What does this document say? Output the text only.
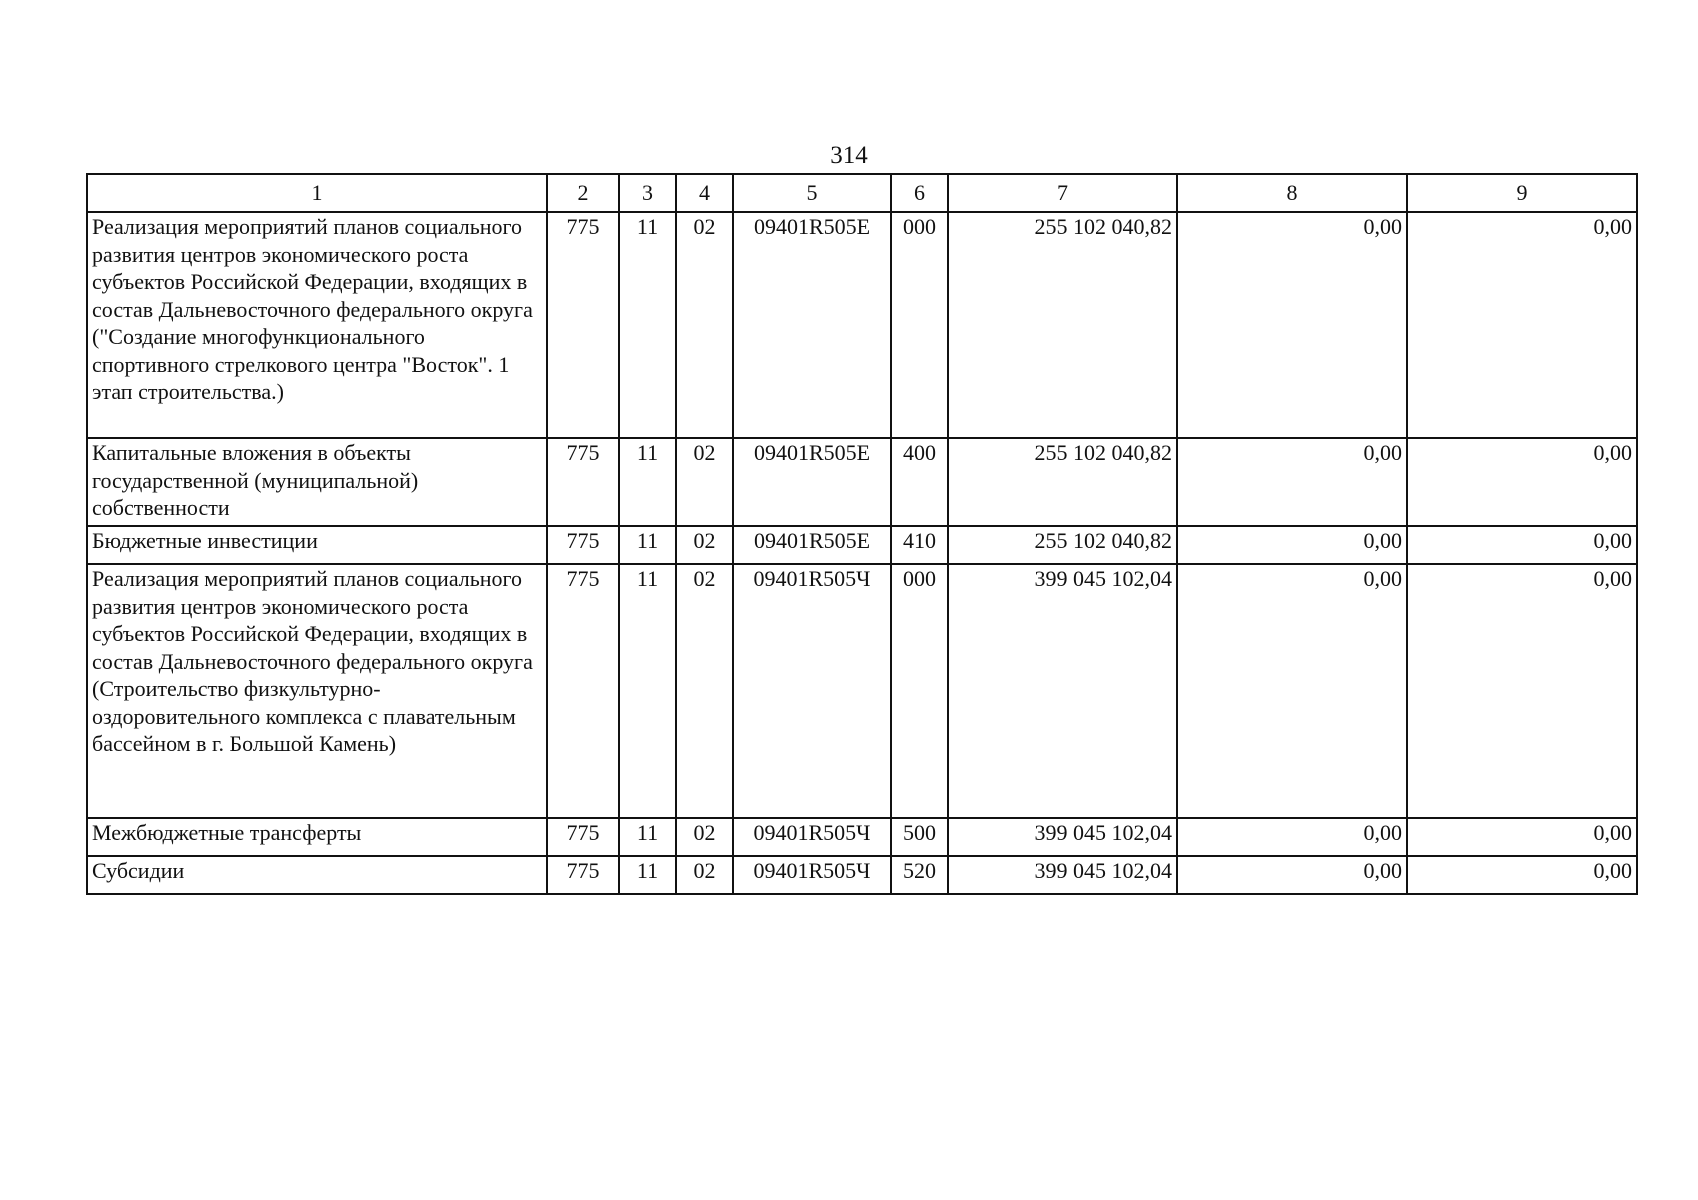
314
1	2	3	4	5	6	7	8	9
Реализация мероприятий планов социального развития центров экономического роста субъектов Российской Федерации, входящих в состав Дальневосточного федерального округа ("Создание многофункционального спортивного стрелкового центра "Восток". 1 этап строительства.)	775	11	02	09401R505E	000	255 102 040,82	0,00	0,00
Капитальные вложения в объекты государственной (муниципальной) собственности	775	11	02	09401R505E	400	255 102 040,82	0,00	0,00
Бюджетные инвестиции	775	11	02	09401R505E	410	255 102 040,82	0,00	0,00
Реализация мероприятий планов социального развития центров экономического роста субъектов Российской Федерации, входящих в состав Дальневосточного федерального округа (Строительство физкультурно-оздоровительного комплекса с плавательным бассейном в г. Большой Камень)	775	11	02	09401R505Ч	000	399 045 102,04	0,00	0,00
Межбюджетные трансферты	775	11	02	09401R505Ч	500	399 045 102,04	0,00	0,00
Субсидии	775	11	02	09401R505Ч	520	399 045 102,04	0,00	0,00
